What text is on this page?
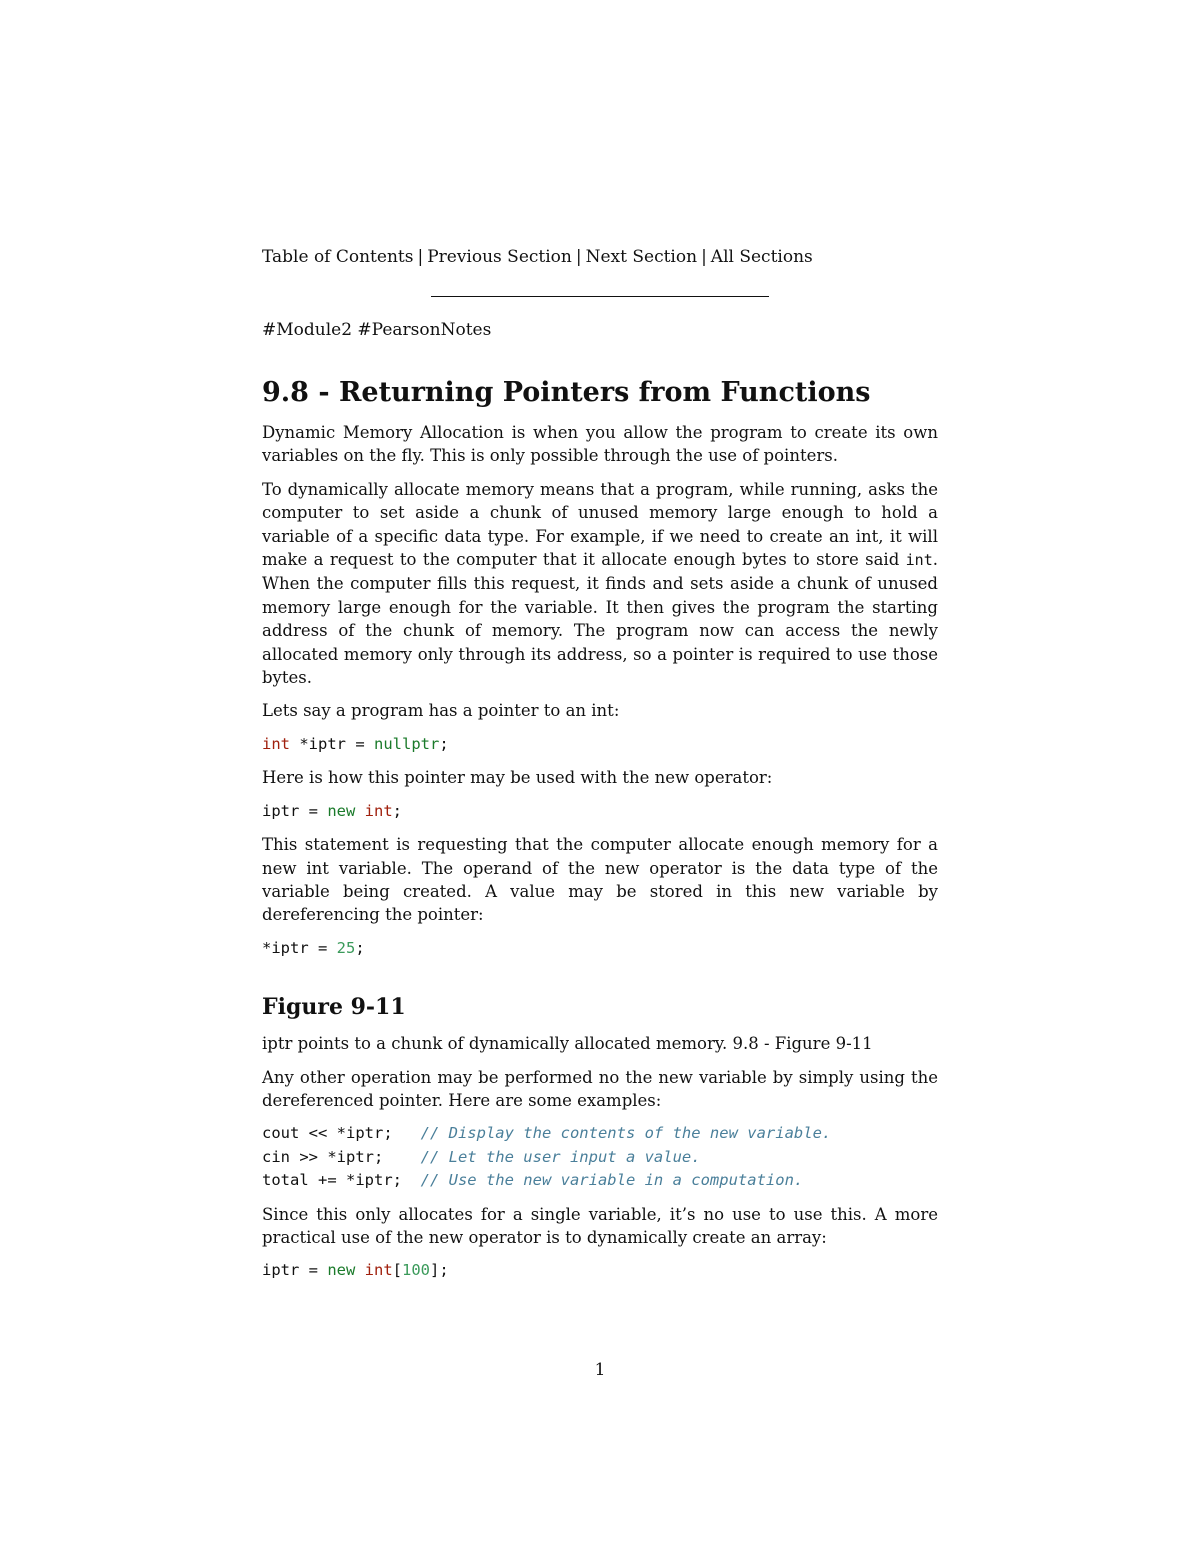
Table of Contents | Previous Section | Next Section | All Sections
#Module2 #PearsonNotes
9.8 - Returning Pointers from Functions

Dynamic Memory Allocation is when you allow the program to create its own variables on the fly. This is only possible through the use of pointers.

To dynamically allocate memory means that a program, while running, asks the computer to set aside a chunk of unused memory large enough to hold a variable of a specific data type. For example, if we need to create an int, it will make a request to the computer that it allocate enough bytes to store said int. When the computer fills this request, it finds and sets aside a chunk of unused memory large enough for the variable. It then gives the program the starting address of the chunk of memory. The program now can access the newly allocated memory only through its address, so a pointer is required to use those bytes.

Lets say a program has a pointer to an int:

int *iptr = nullptr;

Here is how this pointer may be used with the new operator:

iptr = new int;

This statement is requesting that the computer allocate enough memory for a new int variable. The operand of the new operator is the data type of the variable being created. A value may be stored in this new variable by dereferencing the pointer:

*iptr = 25;
Figure 9-11

iptr points to a chunk of dynamically allocated memory. 9.8 - Figure 9-11

Any other operation may be performed no the new variable by simply using the dereferenced pointer. Here are some examples:

cout << *iptr;   // Display the contents of the new variable.
cin >> *iptr;    // Let the user input a value.
total += *iptr;  // Use the new variable in a computation.

Since this only allocates for a single variable, it’s no use to use this. A more practical use of the new operator is to dynamically create an array:

iptr = new int[100];
1
